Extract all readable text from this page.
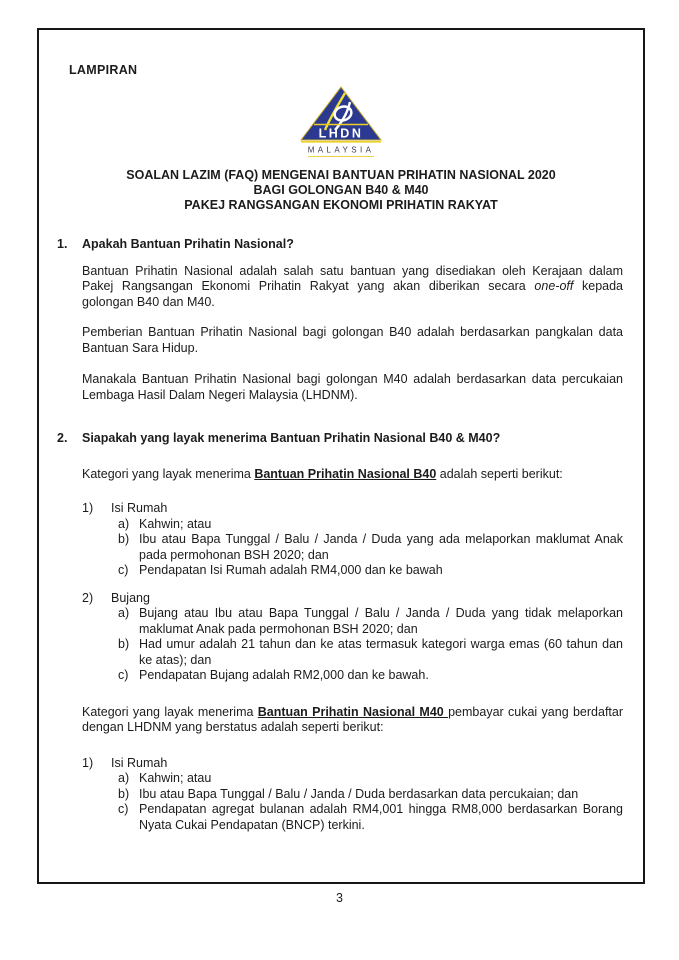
LAMPIRAN
LHDN
MALAYSIA
SOALAN LAZIM (FAQ) MENGENAI BANTUAN PRIHATIN NASIONAL 2020
BAGI GOLONGAN B40 & M40
PAKEJ RANGSANGAN EKONOMI PRIHATIN RAKYAT
1.	Apakah Bantuan Prihatin Nasional?
Bantuan Prihatin Nasional adalah salah satu bantuan yang disediakan oleh Kerajaan dalam Pakej Rangsangan Ekonomi Prihatin Rakyat yang akan diberikan secara one-off kepada golongan B40 dan M40.
Pemberian Bantuan Prihatin Nasional bagi golongan B40 adalah berdasarkan pangkalan data Bantuan Sara Hidup.
Manakala Bantuan Prihatin Nasional bagi golongan M40 adalah berdasarkan data percukaian Lembaga Hasil Dalam Negeri Malaysia (LHDNM).
2.	Siapakah yang layak menerima Bantuan Prihatin Nasional B40 & M40?
Kategori yang layak menerima Bantuan Prihatin Nasional B40 adalah seperti berikut:
1)	Isi Rumah
a) Kahwin; atau
b) Ibu atau Bapa Tunggal / Balu / Janda / Duda yang ada melaporkan maklumat Anak pada permohonan BSH 2020; dan
c) Pendapatan Isi Rumah adalah RM4,000 dan ke bawah
2)	Bujang
a) Bujang atau Ibu atau Bapa Tunggal / Balu / Janda / Duda yang tidak melaporkan maklumat Anak pada permohonan BSH 2020; dan
b) Had umur adalah 21 tahun dan ke atas termasuk kategori warga emas (60 tahun dan ke atas); dan
c) Pendapatan Bujang adalah RM2,000 dan ke bawah.
Kategori yang layak menerima Bantuan Prihatin Nasional M40 pembayar cukai yang berdaftar dengan LHDNM yang berstatus adalah seperti berikut:
1)	Isi Rumah
a) Kahwin; atau
b) Ibu atau Bapa Tunggal / Balu / Janda / Duda berdasarkan data percukaian; dan
c) Pendapatan agregat bulanan adalah RM4,001 hingga RM8,000 berdasarkan Borang Nyata Cukai Pendapatan (BNCP) terkini.
3
